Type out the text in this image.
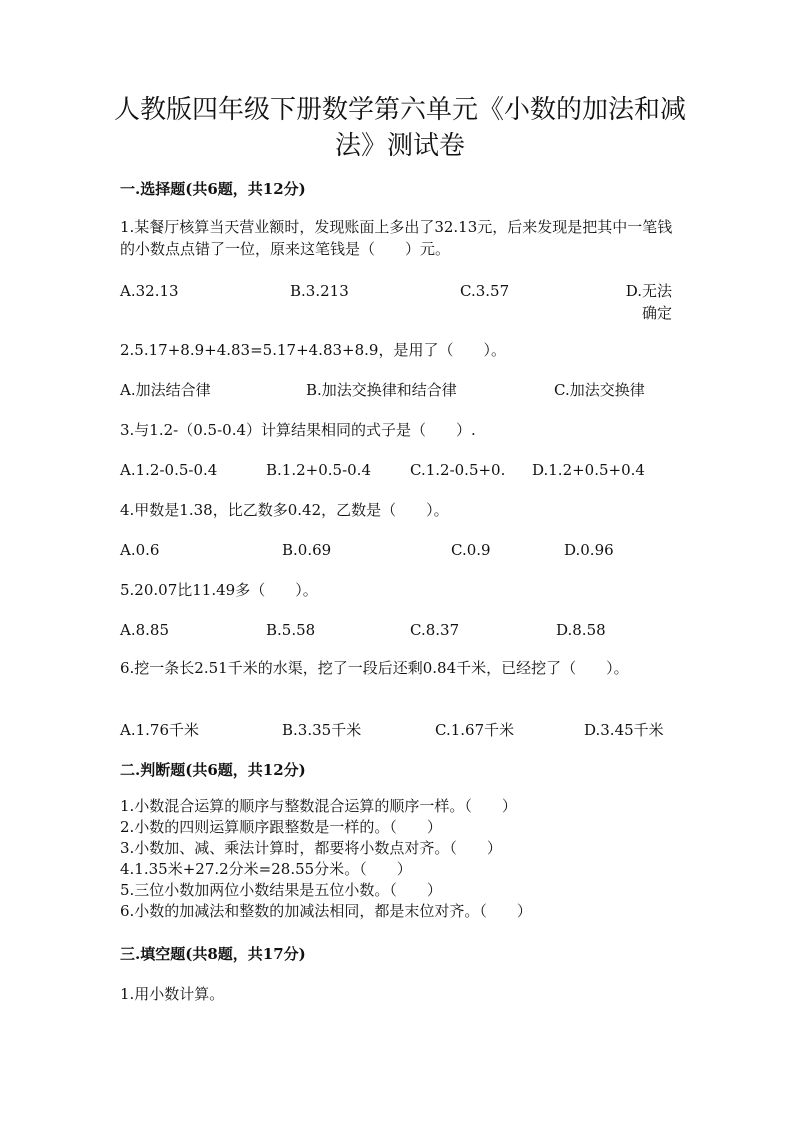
人教版四年级下册数学第六单元《小数的加法和减法》测试卷
一.选择题(共6题，共12分)
1.某餐厅核算当天营业额时，发现账面上多出了32.13元，后来发现是把其中一笔钱的小数点点错了一位，原来这笔钱是（　　）元。
A.32.13	B.3.213	C.3.57	D.无法确定
2.5.17+8.9+4.83=5.17+4.83+8.9，是用了（　　）。
A.加法结合律	B.加法交换律和结合律	C.加法交换律
3.与1.2-（0.5-0.4）计算结果相同的式子是（　　）.
A.1.2-0.5-0.4	B.1.2+0.5-0.4	C.1.2-0.5+0. D.1.2+0.5+0.4
4.甲数是1.38，比乙数多0.42，乙数是（　　）。
A.0.6	B.0.69	C.0.9	D.0.96
5.20.07比11.49多（　　）。
A.8.85	B.5.58	C.8.37	D.8.58
6.挖一条长2.51千米的水渠，挖了一段后还剩0.84千米，已经挖了（　　）。
A.1.76千米	B.3.35千米	C.1.67千米	D.3.45千米
二.判断题(共6题，共12分)
1.小数混合运算的顺序与整数混合运算的顺序一样。（　　）
2.小数的四则运算顺序跟整数是一样的。（　　）
3.小数加、减、乘法计算时，都要将小数点对齐。（　　）
4.1.35米+27.2分米=28.55分米。（　　）
5.三位小数加两位小数结果是五位小数。（　　）
6.小数的加减法和整数的加减法相同，都是末位对齐。（　　）
三.填空题(共8题，共17分)
1.用小数计算。
